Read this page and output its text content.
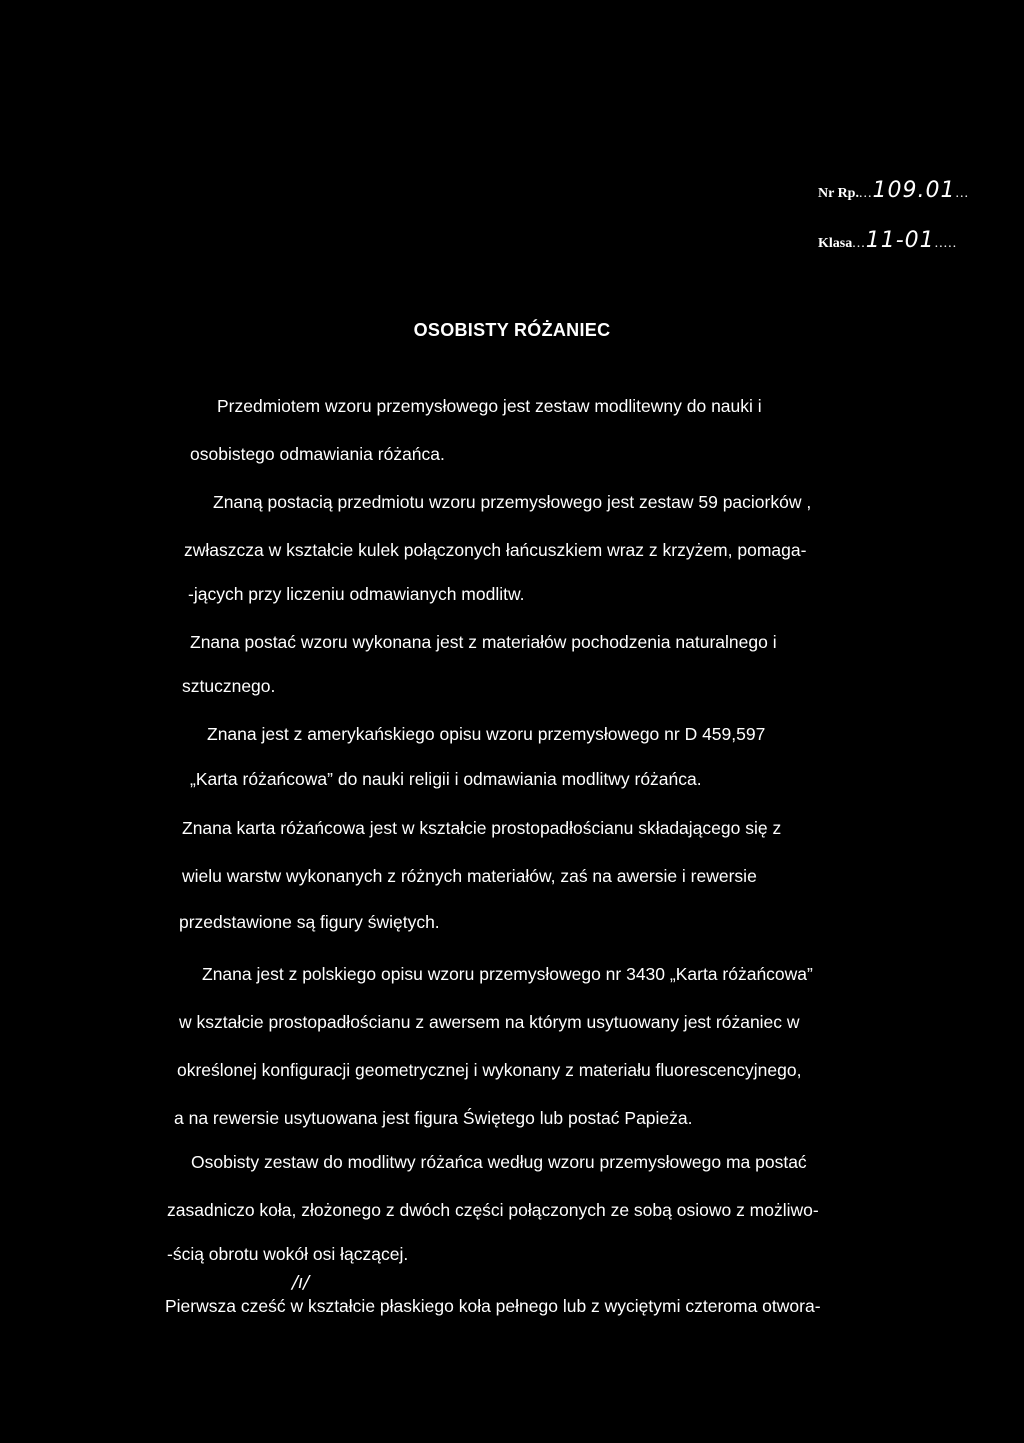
Nr Rp....109.01...
Klasa...11-01.....
OSOBISTY RÓŻANIEC
Przedmiotem wzoru przemysłowego jest zestaw modlitewny do nauki i
osobistego odmawiania różańca.
Znaną postacią przedmiotu wzoru przemysłowego jest zestaw 59 paciorków ,
zwłaszcza w kształcie kulek połączonych łańcuszkiem wraz z krzyżem, pomaga-
-jących przy liczeniu odmawianych modlitw.
Znana postać wzoru wykonana jest z materiałów pochodzenia naturalnego i
sztucznego.
Znana jest z amerykańskiego opisu wzoru przemysłowego nr D 459,597
„Karta różańcowa” do nauki religii i odmawiania modlitwy różańca.
Znana karta różańcowa jest w kształcie prostopadłościanu składającego się z
wielu warstw wykonanych z różnych materiałów, zaś na awersie i rewersie
przedstawione są figury świętych.
Znana jest z polskiego opisu wzoru przemysłowego nr 3430 „Karta różańcowa”
w kształcie prostopadłościanu z awersem na którym usytuowany jest różaniec w
określonej konfiguracji geometrycznej i wykonany z materiału fluorescencyjnego,
a na rewersie usytuowana jest figura Świętego lub postać Papieża.
Osobisty zestaw do modlitwy różańca według wzoru przemysłowego ma postać
zasadniczo koła, złożonego z dwóch części połączonych ze sobą osiowo z możliwo-
-ścią obrotu wokół osi łączącej.
/ı/
Pierwsza cześć w kształcie płaskiego koła pełnego lub z wyciętymi czteroma otwora-
